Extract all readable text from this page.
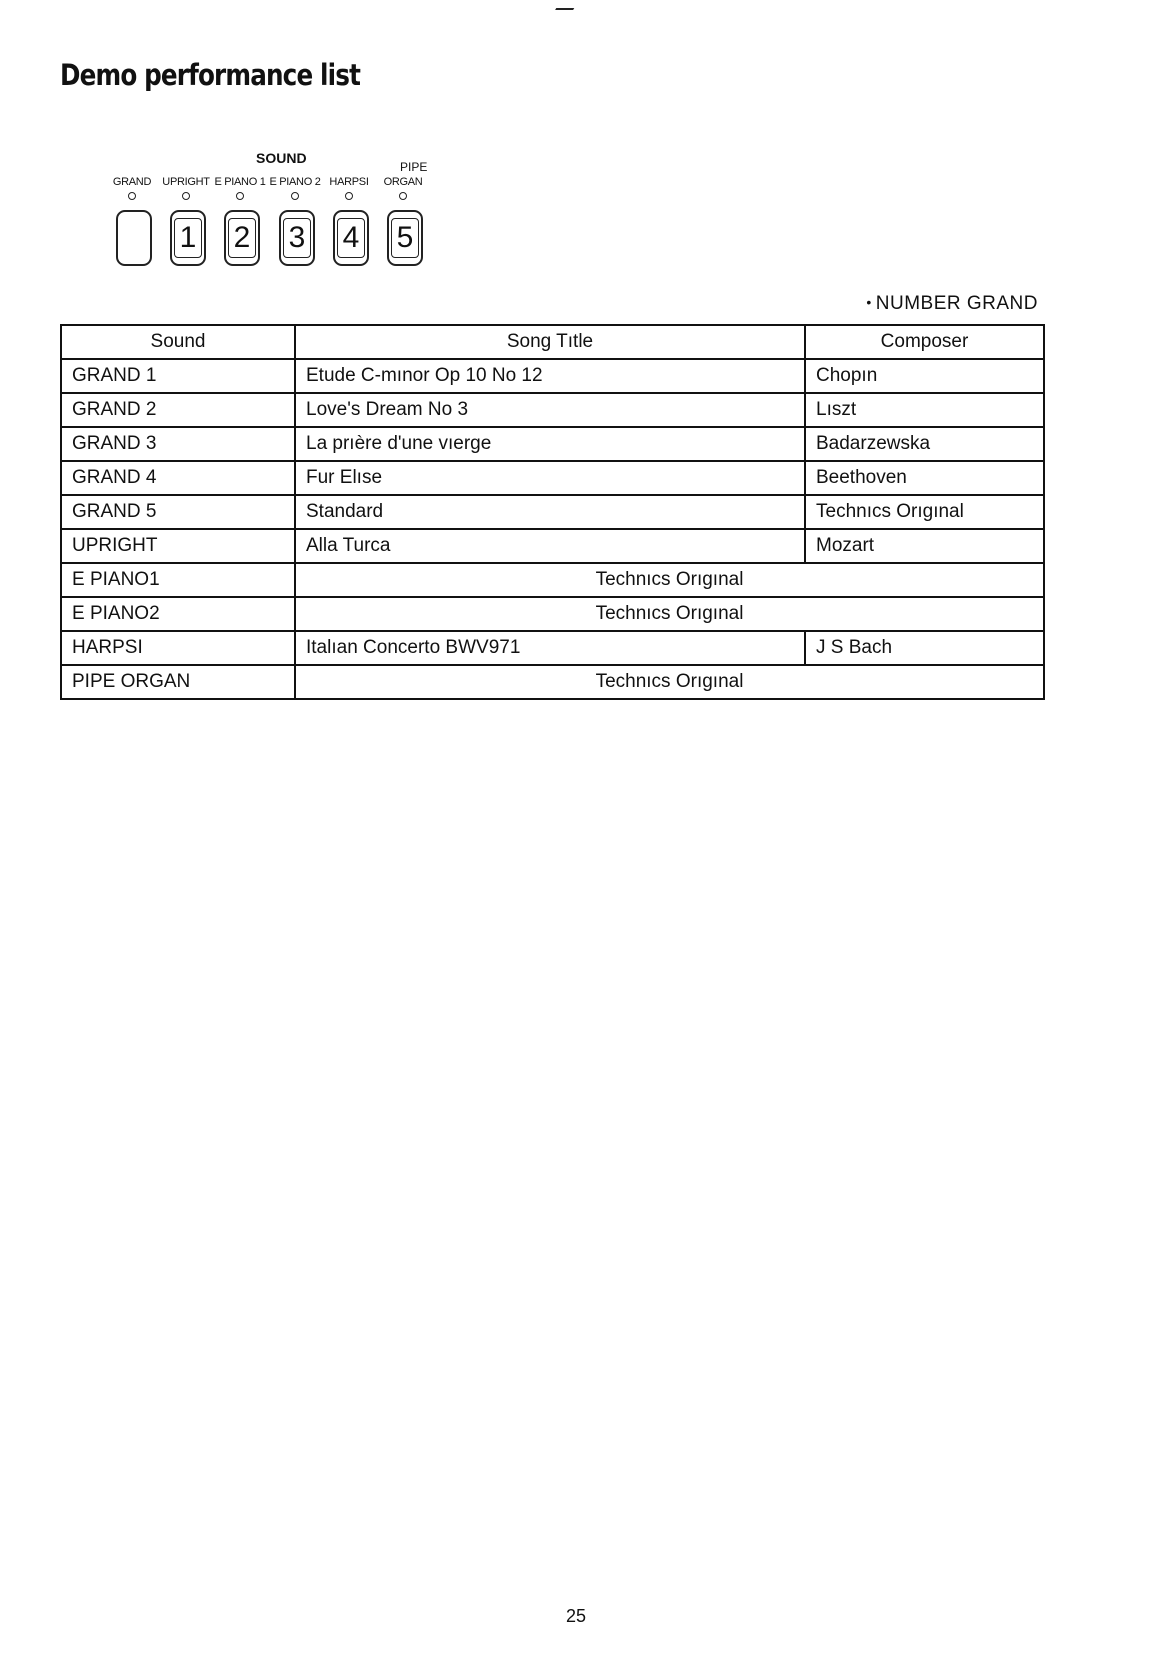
Demo performance list
SOUND
PIPE
GRAND	UPRIGHT E PIANO 1 E PIANO 2 HARPSI	ORGAN
1 2 3 4 5
• NUMBER GRAND
Sound	Song Tıtle	Composer
GRAND 1	Etude C-mınor Op 10 No 12	Chopın
GRAND 2	Love's Dream No 3	Lıszt
GRAND 3	La prıère d'une vıerge	Badarzewska
GRAND 4	Fur Elıse	Beethoven
GRAND 5	Standard	Technıcs Orıgınal
UPRIGHT	Alla Turca	Mozart
E PIANO1	Technıcs Orıgınal	
E PIANO2	Technıcs Orıgınal	
HARPSI	Italıan Concerto BWV971	J S Bach
PIPE ORGAN	Technıcs Orıgınal	
25
